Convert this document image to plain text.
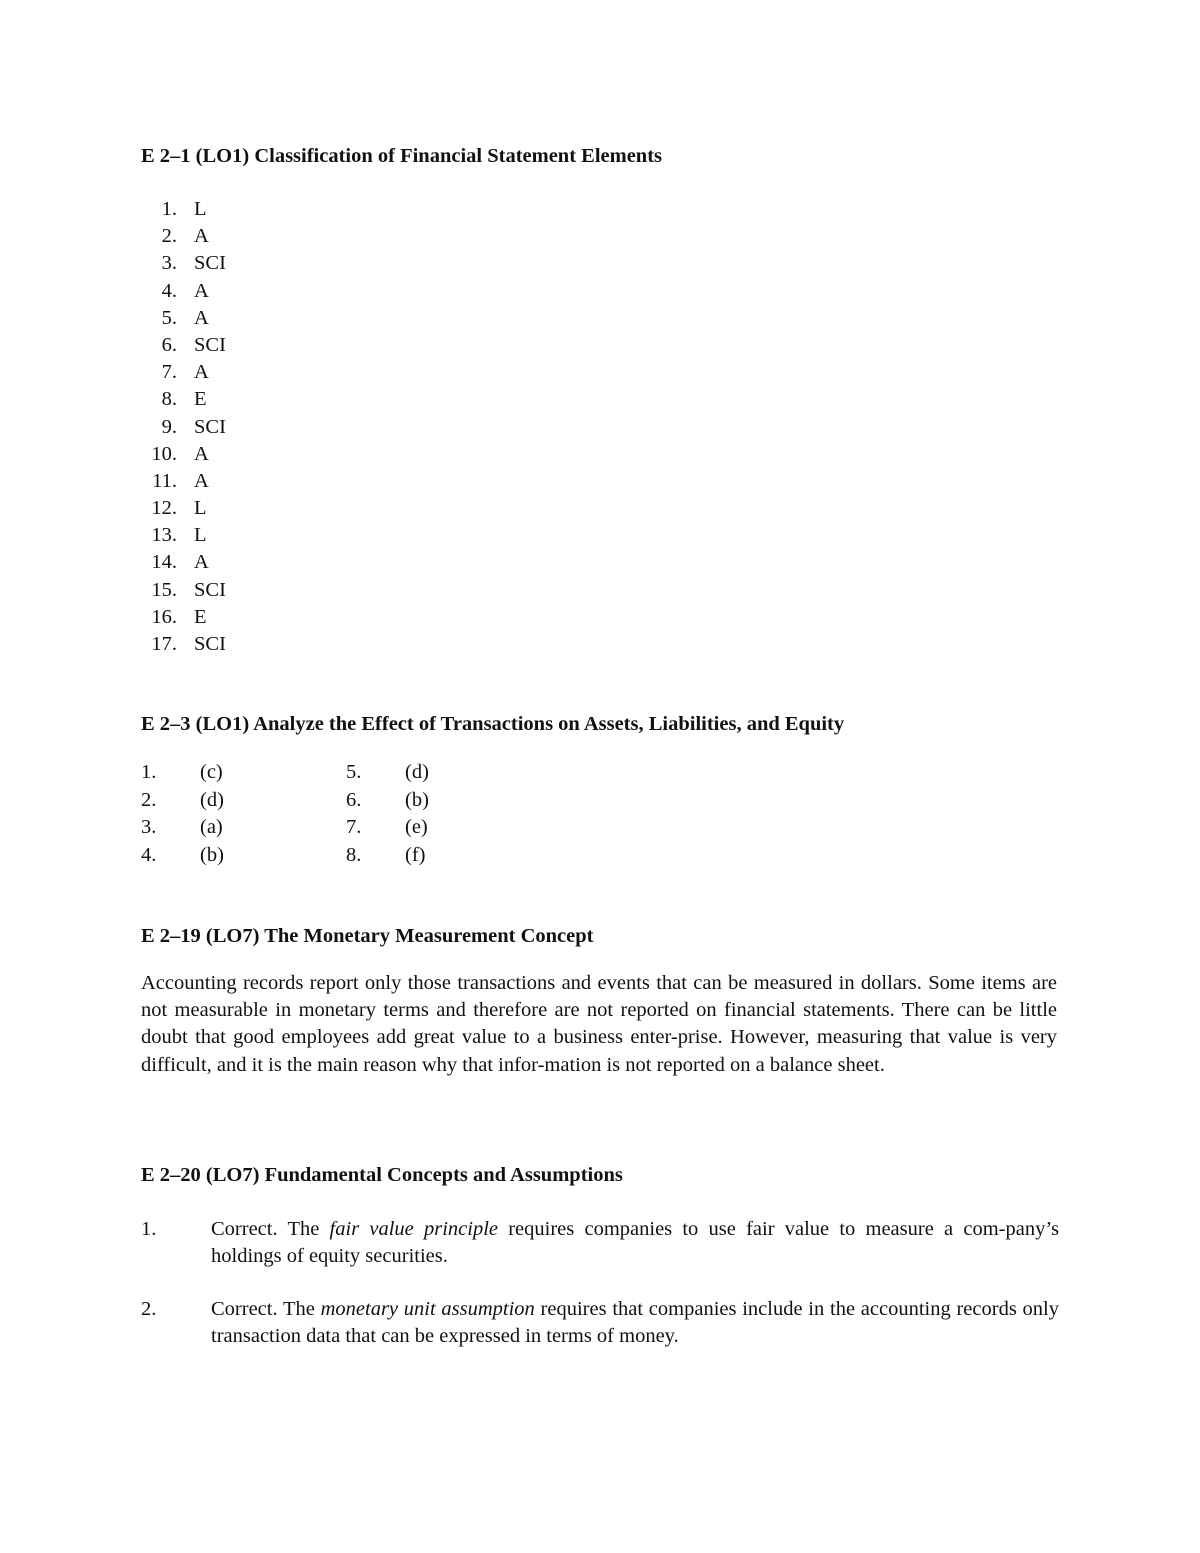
E 2–1 (LO1) Classification of Financial Statement Elements
1. L
2. A
3. SCI
4. A
5. A
6. SCI
7. A
8. E
9. SCI
10. A
11. A
12. L
13. L
14. A
15. SCI
16. E
17. SCI
E 2–3 (LO1) Analyze the Effect of Transactions on Assets, Liabilities, and Equity
1. (c)
2. (d)
3. (a)
4. (b)
5. (d)
6. (b)
7. (e)
8. (f)
E 2–19 (LO7) The Monetary Measurement Concept

Accounting records report only those transactions and events that can be measured in dollars. Some items are not measurable in monetary terms and therefore are not reported on financial statements. There can be little doubt that good employees add great value to a business enter-prise. However, measuring that value is very difficult, and it is the main reason why that infor-mation is not reported on a balance sheet.

E 2–20 (LO7) Fundamental Concepts and Assumptions
1.	Correct. The fair value principle requires companies to use fair value to measure a com-pany’s holdings of equity securities.
2.	Correct. The monetary unit assumption requires that companies include in the accounting records only transaction data that can be expressed in terms of money.
